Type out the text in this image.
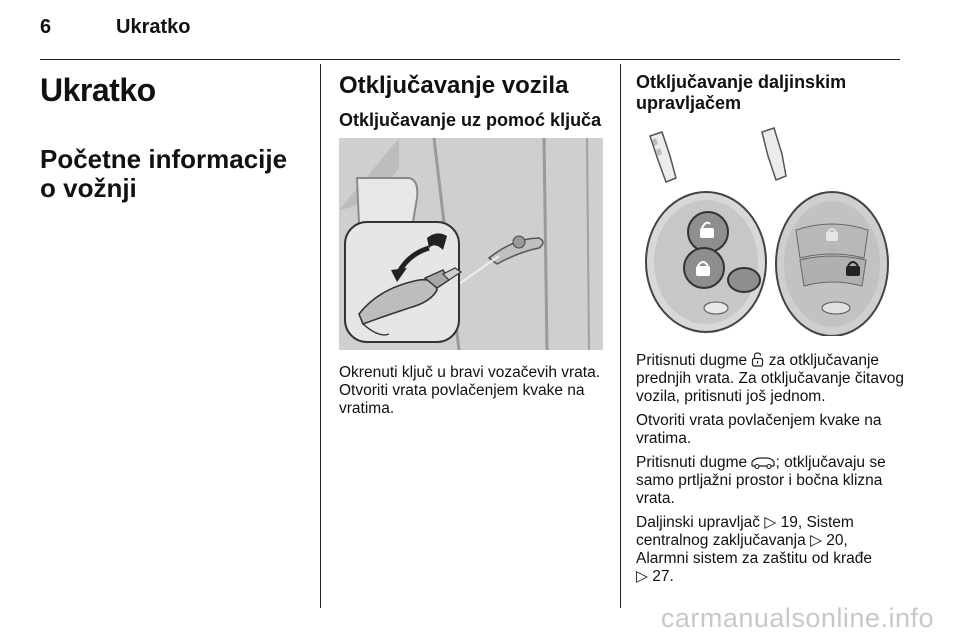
6	Ukratko
Ukratko
Početne informacije o vožnji
Otključavanje vozila
Otključavanje uz pomoć ključa

Okrenuti ključ u bravi vozačevih vrata. Otvoriti vrata povlačenjem kvake na vratima.

Otključavanje daljinskim upravljačem

Pritisnuti dugme za otključavanje prednjih vrata. Za otključavanje čitavog vozila, pritisnuti još jednom.

Otvoriti vrata povlačenjem kvake na vratima.

Pritisnuti dugme ; otključavaju se samo prtljažni prostor i bočna klizna vrata.

Daljinski upravljač ▷ 19, Sistem centralnog zaključavanja ▷ 20,
Alarmni sistem za zaštitu od krađe
▷ 27.

carmanualsonline.info
